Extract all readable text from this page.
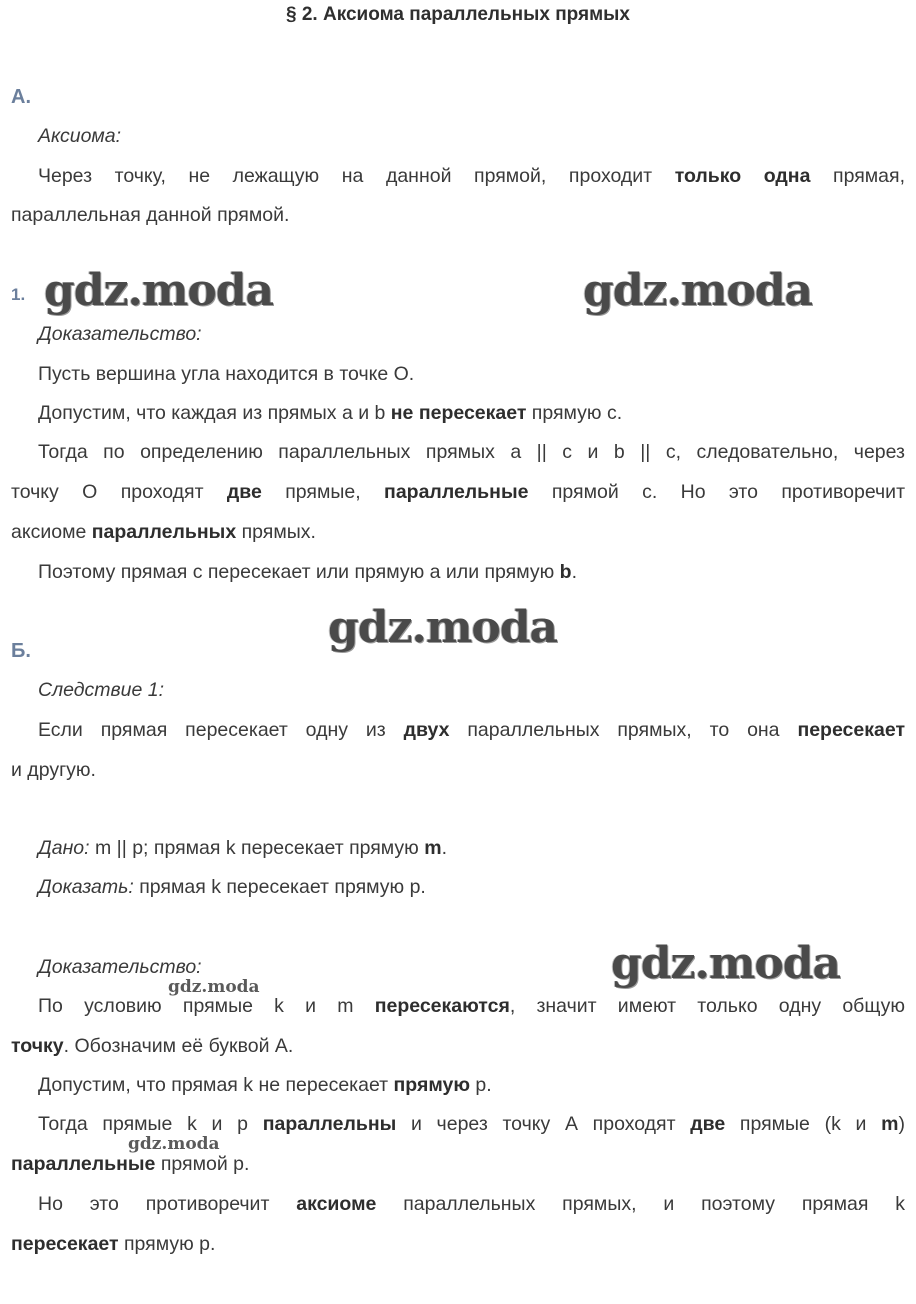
§ 2. Аксиома параллельных прямых
А.
Аксиома:
Через точку, не лежащую на данной прямой, проходит только одна прямая,
параллельная данной прямой.
1. gdz.moda	gdz.moda
Доказательство:
Пусть вершина угла находится в точке О.
Допустим, что каждая из прямых а и b не пересекает прямую с.
Тогда по определению параллельных прямых а || с и b || с, следовательно, через
точку О проходят две прямые, параллельные прямой с. Но это противоречит
аксиоме параллельных прямых.
Поэтому прямая с пересекает или прямую а или прямую b.
gdz.moda
Б.
Следствие 1:
Если прямая пересекает одну из двух параллельных прямых, то она пересекает
и другую.
Дано: m || p; прямая k пересекает прямую m.
Доказать: прямая k пересекает прямую p.
gdz.moda
Доказательство:
gdz.moda
По условию прямые k и m пересекаются, значит имеют только одну общую
точку. Обозначим её буквой А.
Допустим, что прямая k не пересекает прямую p.
Тогда прямые k и p параллельны и через точку А проходят две прямые (k и m)
gdz.moda
параллельные прямой p.
Но это противоречит аксиоме параллельных прямых, и поэтому прямая k
пересекает прямую p.
